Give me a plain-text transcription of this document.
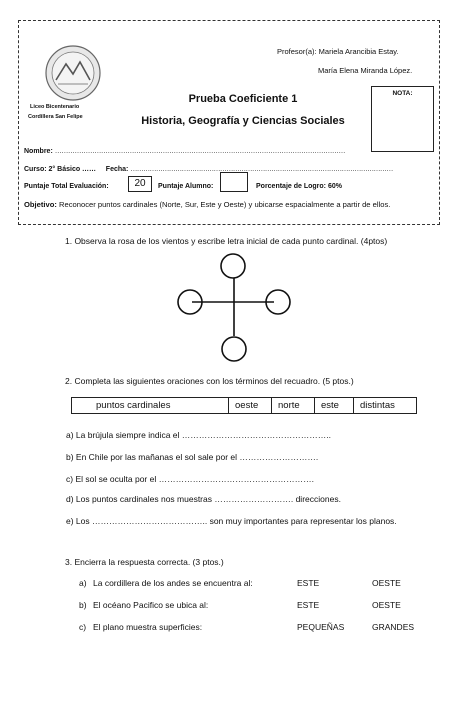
Liceo Bicentenario
Cordillera San Felipe
Profesor(a): Mariela Arancibia Estay.
María Elena Miranda López.
Prueba Coeficiente 1
Historia, Geografía y Ciencias Sociales
NOTA:
Nombre: ……………………………………………………………………………………………………………………
Curso: 2° Básico …… Fecha: ……………………………………………………………………………………………………………
Puntaje Total Evaluación:	20	Puntaje Alumno:	Porcentaje de Logro: 60%
Objetivo: Reconocer puntos cardinales (Norte, Sur, Este y Oeste) y ubicarse espacialmente a partir de ellos.
1. Observa la rosa de los vientos y escribe letra inicial de cada punto cardinal. (4ptos)
2. Completa las siguientes oraciones con los términos del recuadro. (5 ptos.)
puntos cardinales	oeste	norte	este	distintas
a) La brújula siempre indica el ……………………………………………..
b) En Chile por las mañanas el sol sale por el ……………………….
c) El sol se oculta por el ……………………………………………….
d) Los puntos cardinales nos muestras ………………………. direcciones.
e) Los ………………………………….. son muy importantes para representar los planos.
3. Encierra la respuesta correcta. (3 ptos.)
a) La cordillera de los andes se encuentra al:	ESTE	OESTE
b) El océano Pacifico se ubica al:	ESTE	OESTE
c) El plano muestra superficies:	PEQUEÑAS	GRANDES
